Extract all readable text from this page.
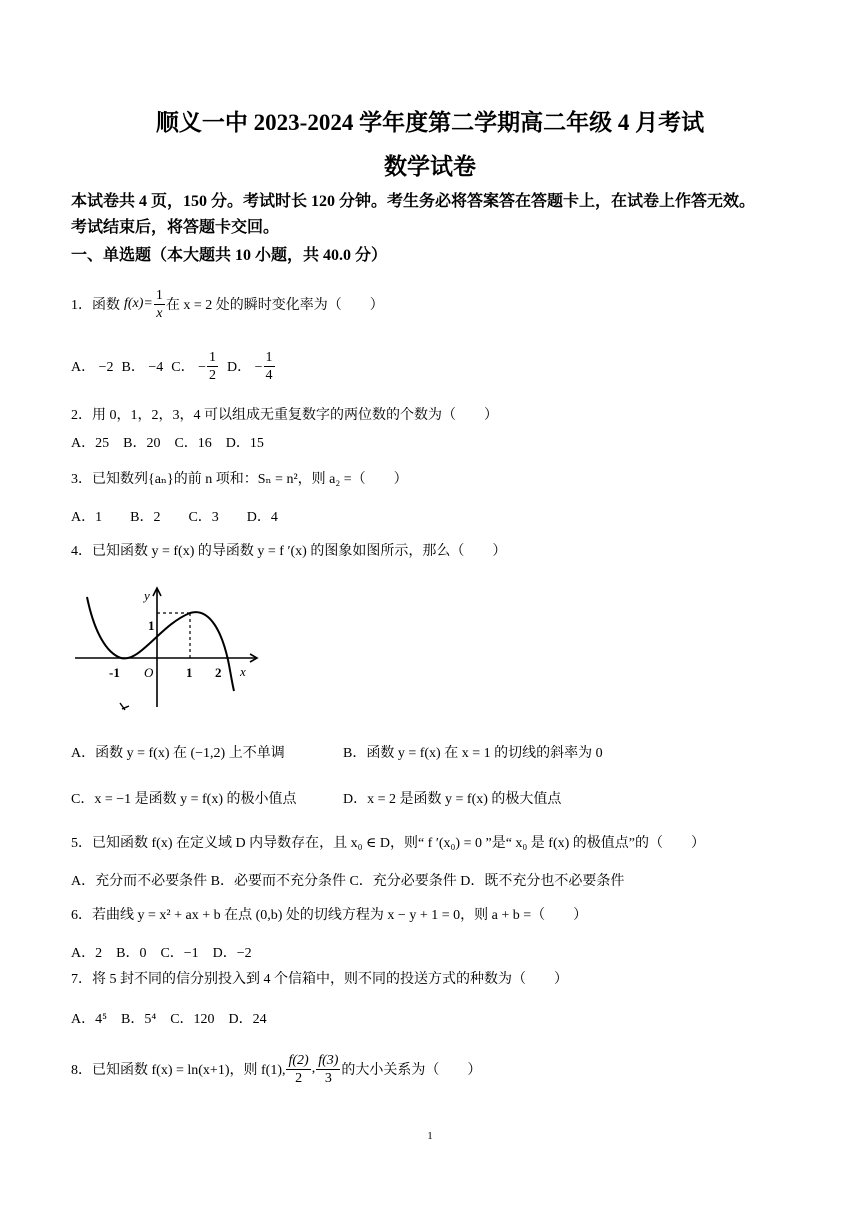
顺义一中 2023-2024 学年度第二学期高二年级 4 月考试
数学试卷
本试卷共 4 页，150 分。考试时长 120 分钟。考生务必将答案答在答题卡上，在试卷上作答无效。
考试结束后，将答题卡交回。
一、单选题（本大题共 10 小题，共 40.0 分）
1．函数 $f(x)= \frac{1}{x}$ 在 x = 2 处的瞬时变化率为（　　）
A． −2 B． −4 C． − $\frac{1}{2}$ D． − $\frac{1}{4}$
2．用 0，1，2，3，4 可以组成无重复数字的两位数的个数为（　　）
A．25　B．20　C．16　D．15
3．已知数列{aₙ}的前 n 项和：Sₙ = n²，则 a₂ =（　　）
A．1　　B．2　　C．3　　D．4
4．已知函数 y = f(x) 的导函数 y = f ′(x) 的图象如图所示，那么（　　）
y
x
O
-1	1 2
1
A．函数 y = f(x) 在 (−1,2) 上不单调	B．函数 y = f(x) 在 x = 1 的切线的斜率为 0
C．x = −1 是函数 y = f(x) 的极小值点	D．x = 2 是函数 y = f(x) 的极大值点
5．已知函数 f(x) 在定义域 D 内导数存在，且 x₀ ∈ D，则“ f ′(x₀) = 0 ”是“ x₀ 是 f(x) 的极值点”的（　　）
A．充分而不必要条件 B．必要而不充分条件 C．充分必要条件 D．既不充分也不必要条件
6．若曲线 y = x² + ax + b 在点 (0,b) 处的切线方程为 x − y + 1 = 0，则 a + b =（　　）
A．2　B．0　C．−1　D．−2
7．将 5 封不同的信分别投入到 4 个信箱中，则不同的投送方式的种数为（　　）
A．4⁵　B．5⁴　C．120　D．24
8．已知函数 f(x) = ln(x+1)，则 f(1), $\frac{f(2)}{2}$ , $\frac{f(3)}{3}$ 的大小关系为（　　）
1
